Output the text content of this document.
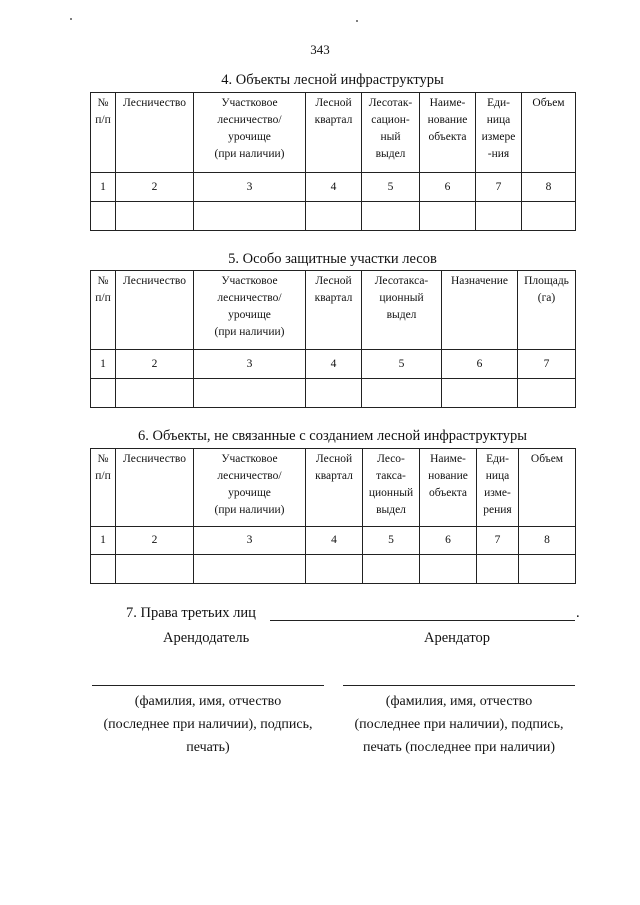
343
4. Объекты лесной инфраструктуры
№
п/п	Лесничество	Участковое
лесничество/
урочище
(при наличии)	Лесной
квартал	Лесотак-
сацион-
ный
выдел	Наиме-
нование
объекта	Еди-
ница
измере
-ния	Объем
1	2	3	4	5	6	7	8

5. Особо защитные участки лесов
№
п/п	Лесничество	Участковое
лесничество/
урочище
(при наличии)	Лесной
квартал	Лесотакса-
ционный
выдел	Назначение	Площадь
(га)
1	2	3	4	5	6	7

6. Объекты, не связанные с созданием лесной инфраструктуры
№
п/п	Лесничество	Участковое
лесничество/
урочище
(при наличии)	Лесной
квартал	Лесо-
такса-
ционный
выдел	Наиме-
нование
объекта	Еди-
ница
изме-
рения	Объем
1	2	3	4	5	6	7	8

7. Права третьих лиц	.
Арендодатель	Арендатор
(фамилия, имя, отчество
(последнее при наличии), подпись,
печать)
(фамилия, имя, отчество
(последнее при наличии), подпись,
печать (последнее при наличии)
